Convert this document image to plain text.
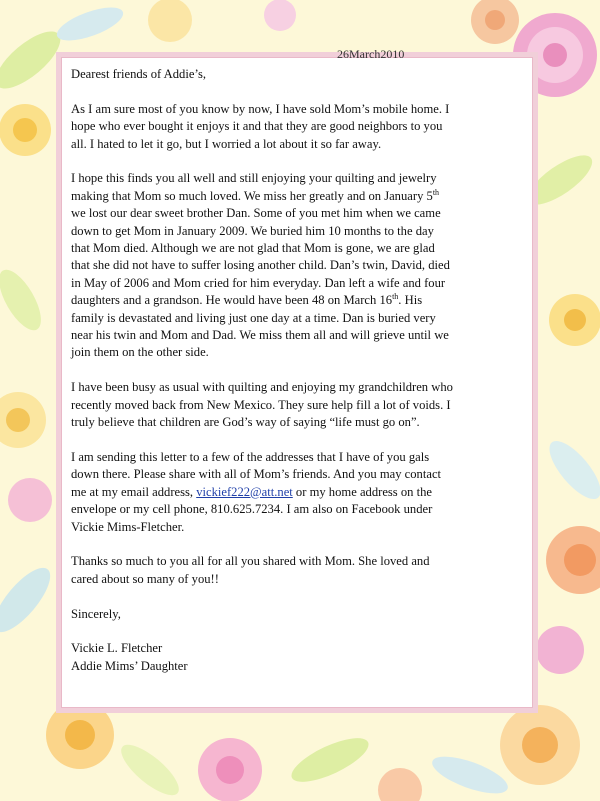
26March2010

Dearest friends of Addie’s,

As I am sure most of you know by now, I have sold Mom’s mobile home. I
hope who ever bought it enjoys it and that they are good neighbors to you
all. I hated to let it go, but I worried a lot about it so far away.

I hope this finds you all well and still enjoying your quilting and jewelry
making that Mom so much loved. We miss her greatly and on January 5th
we lost our dear sweet brother Dan. Some of you met him when we came
down to get Mom in January 2009. We buried him 10 months to the day
that Mom died. Although we are not glad that Mom is gone, we are glad
that she did not have to suffer losing another child. Dan’s twin, David, died
in May of 2006 and Mom cried for him everyday. Dan left a wife and four
daughters and a grandson. He would have been 48 on March 16th. His
family is devastated and living just one day at a time. Dan is buried very
near his twin and Mom and Dad. We miss them all and will grieve until we
join them on the other side.

I have been busy as usual with quilting and enjoying my grandchildren who
recently moved back from New Mexico. They sure help fill a lot of voids. I
truly believe that children are God’s way of saying “life must go on”.

I am sending this letter to a few of the addresses that I have of you gals
down there. Please share with all of Mom’s friends. And you may contact
me at my email address, vickief222@att.net or my home address on the
envelope or my cell phone, 810.625.7234. I am also on Facebook under
Vickie Mims-Fletcher.

Thanks so much to you all for all you shared with Mom. She loved and
cared about so many of you!!

Sincerely,

Vickie L. Fletcher
Addie Mims’ Daughter
